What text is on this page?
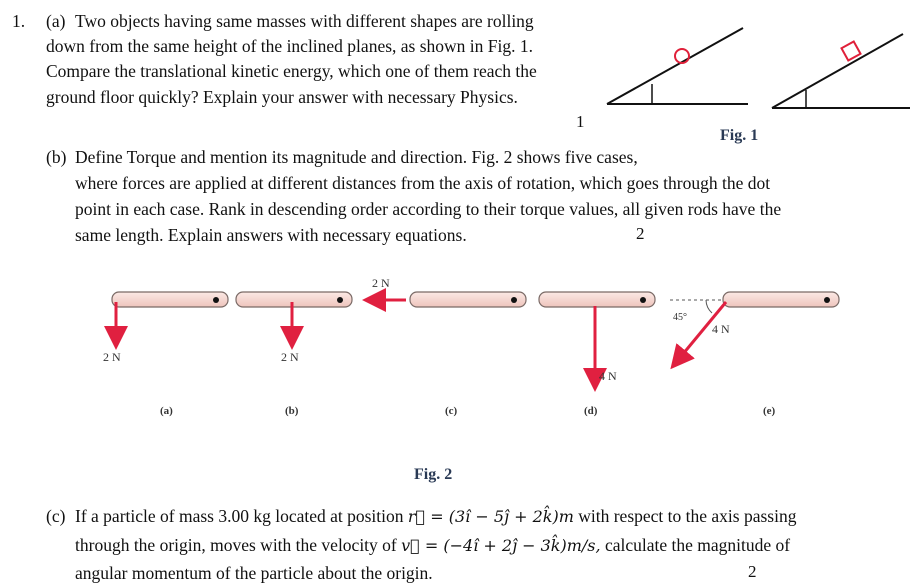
1. (a) Two objects having same masses with different shapes are rolling
down from the same height of the inclined planes, as shown in Fig. 1.
Compare the translational kinetic energy, which one of them reach the
ground floor quickly? Explain your answer with necessary Physics.
1
Fig. 1
(b) Define Torque and mention its magnitude and direction. Fig. 2 shows five cases,
where forces are applied at different distances from the axis of rotation, which goes through the dot
point in each case. Rank in descending order according to their torque values, all given rods have the
same length. Explain answers with necessary equations.	2
2 N	2 N
2 N
4 N
4 N
45°
(a)	(b)	(c)	(d)	(e)
Fig. 2
(c) If a particle of mass 3.00 kg located at position r⃗ = (3î − 5ĵ + 2k̂)m with respect to the axis passing
through the origin, moves with the velocity of v⃗ = (−4î + 2ĵ − 3k̂)m/s, calculate the magnitude of
angular momentum of the particle about the origin.	2
